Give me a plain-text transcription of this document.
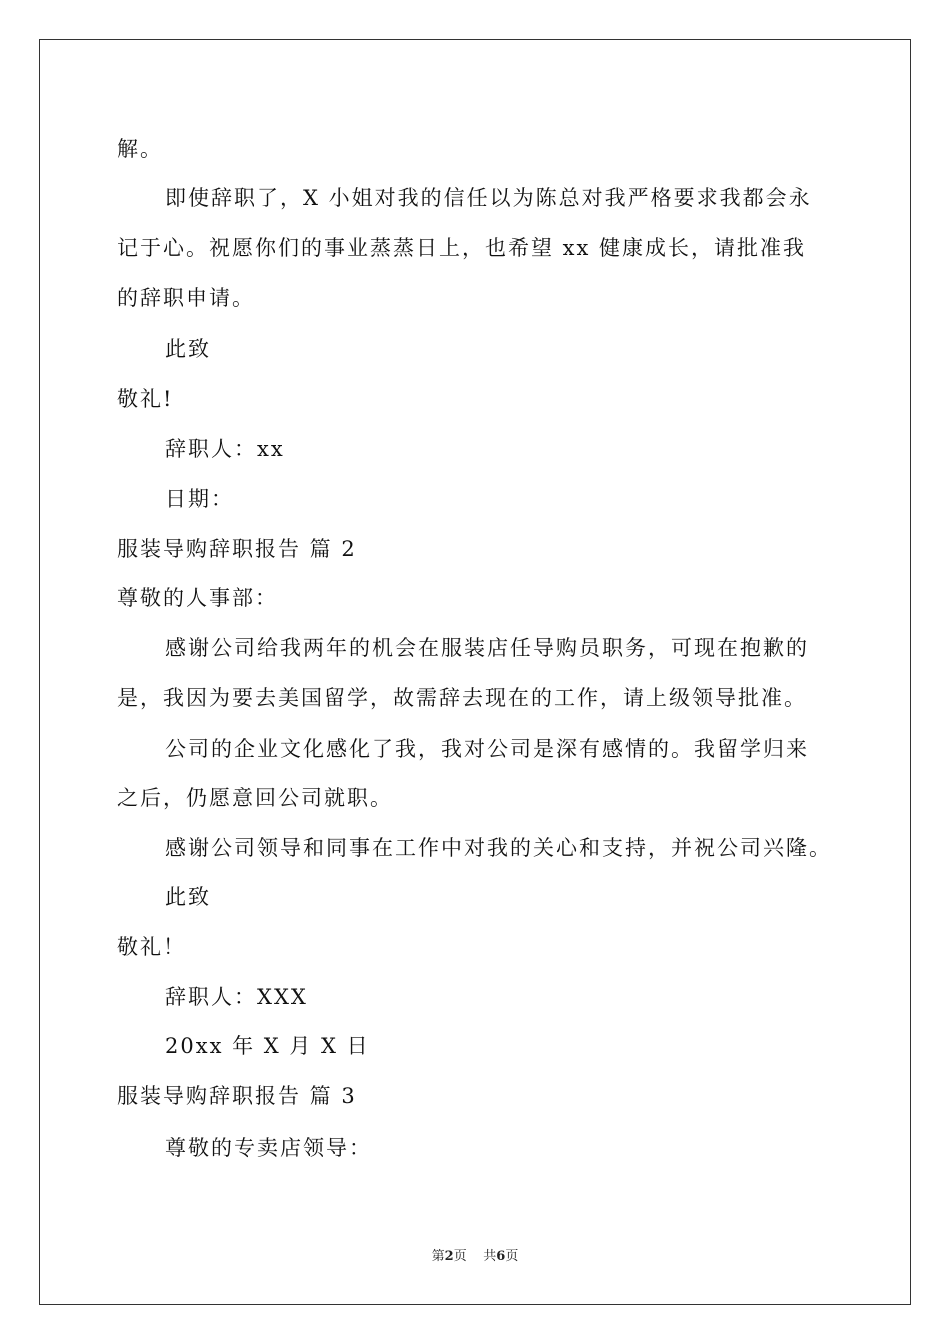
解。
即使辞职了，X 小姐对我的信任以为陈总对我严格要求我都会永
记于心。祝愿你们的事业蒸蒸日上，也希望 xx 健康成长，请批准我
的辞职申请。
此致
敬礼!
辞职人：xx
日期：
服装导购辞职报告 篇 2
尊敬的人事部：
感谢公司给我两年的机会在服装店任导购员职务，可现在抱歉的
是，我因为要去美国留学，故需辞去现在的工作，请上级领导批准。
公司的企业文化感化了我，我对公司是深有感情的。我留学归来
之后，仍愿意回公司就职。
感谢公司领导和同事在工作中对我的关心和支持，并祝公司兴隆。
此致
敬礼！
辞职人：XXX
20xx 年 X 月 X 日
服装导购辞职报告 篇 3
尊敬的专卖店领导：
第2页 共6页
